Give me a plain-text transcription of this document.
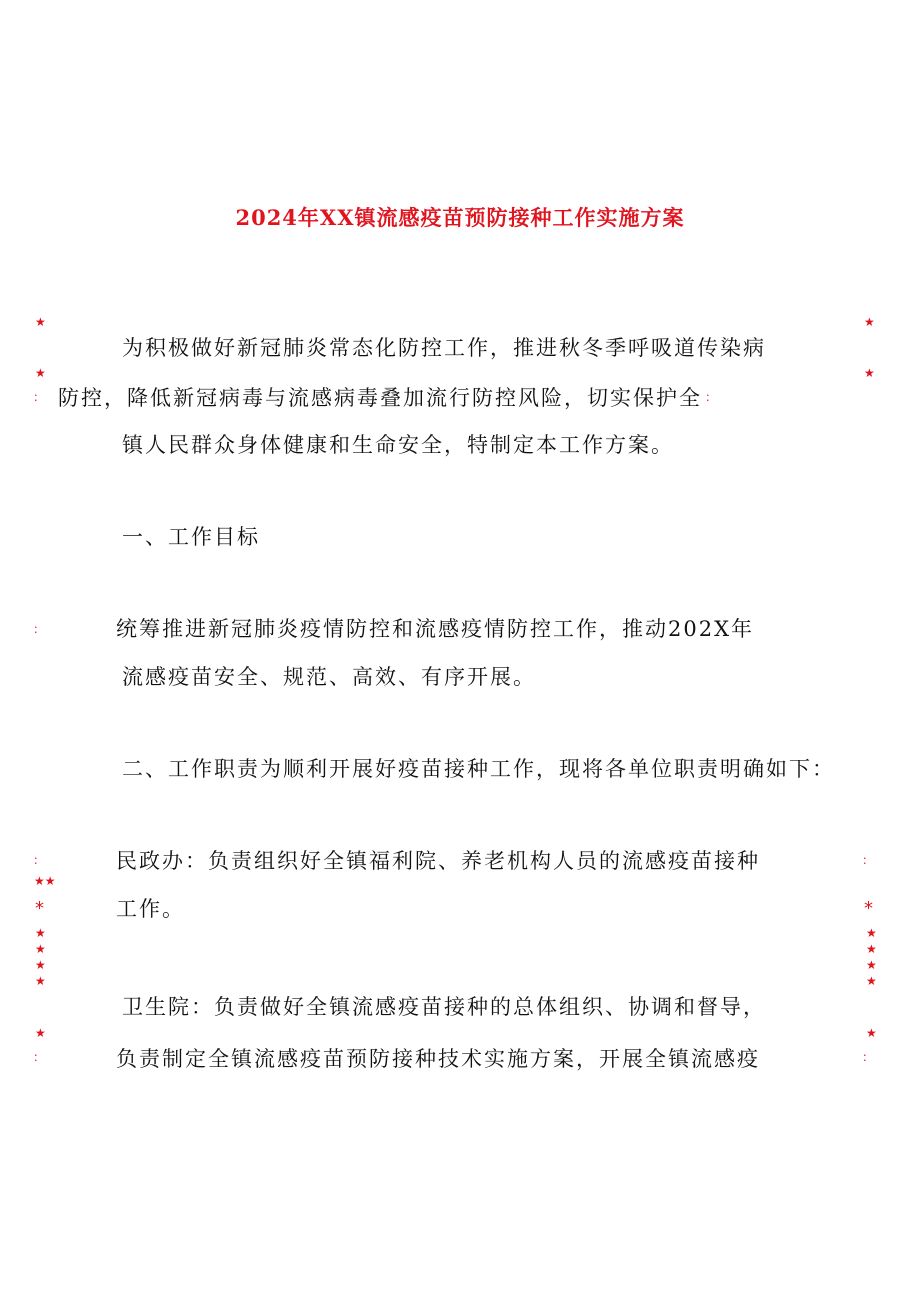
2024年XX镇流感疫苗预防接种工作实施方案
为积极做好新冠肺炎常态化防控工作，推进秋冬季呼吸道传染病
防控，降低新冠病毒与流感病毒叠加流行防控风险，切实保护全
镇人民群众身体健康和生命安全，特制定本工作方案。
一、工作目标
统筹推进新冠肺炎疫情防控和流感疫情防控工作，推动202X年
流感疫苗安全、规范、高效、有序开展。
二、工作职责为顺利开展好疫苗接种工作，现将各单位职责明确如下：
民政办：负责组织好全镇福利院、养老机构人员的流感疫苗接种
工作。
卫生院：负责做好全镇流感疫苗接种的总体组织、协调和督导，
负责制定全镇流感疫苗预防接种技术实施方案，开展全镇流感疫
★
★
：
：
：
★★
*
★
★
★
★
★
：
：
★
★
：
*
★
★
★
★
★
：
